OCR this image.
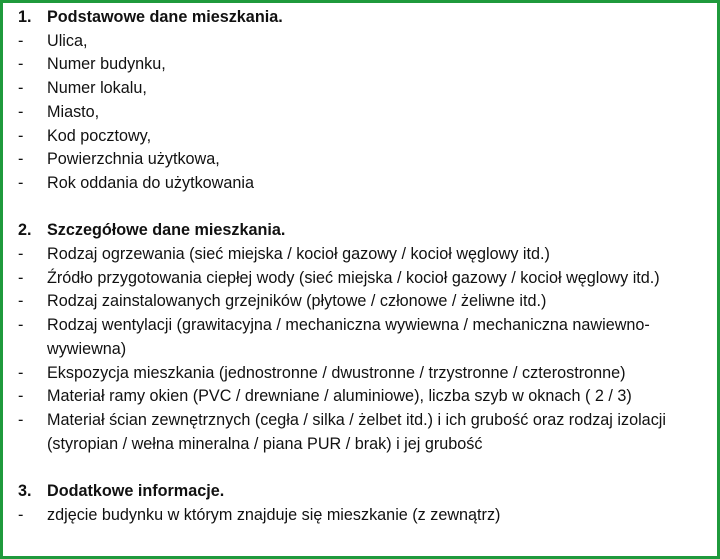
1. Podstawowe dane mieszkania.
-	Ulica,
-	Numer budynku,
-	Numer lokalu,
-	Miasto,
-	Kod pocztowy,
-	Powierzchnia użytkowa,
-	Rok oddania do użytkowania
2. Szczegółowe dane mieszkania.
-	Rodzaj ogrzewania (sieć miejska / kocioł gazowy / kocioł węglowy itd.)
-	Źródło przygotowania ciepłej wody (sieć miejska / kocioł gazowy / kocioł węglowy itd.)
-	Rodzaj zainstalowanych grzejników (płytowe / członowe / żeliwne itd.)
-	Rodzaj wentylacji (grawitacyjna / mechaniczna wywiewna / mechaniczna nawiewno-wywiewna)
-	Ekspozycja mieszkania (jednostronne / dwustronne / trzystronne / czterostronne)
-	Materiał ramy okien (PVC / drewniane / aluminiowe), liczba szyb w oknach ( 2 / 3)
-	Materiał ścian zewnętrznych (cegła / silka / żelbet itd.) i ich grubość oraz rodzaj izolacji (styropian / wełna mineralna / piana PUR / brak) i jej grubość
3. Dodatkowe informacje.
-	zdjęcie budynku w którym znajduje się mieszkanie (z zewnątrz)
